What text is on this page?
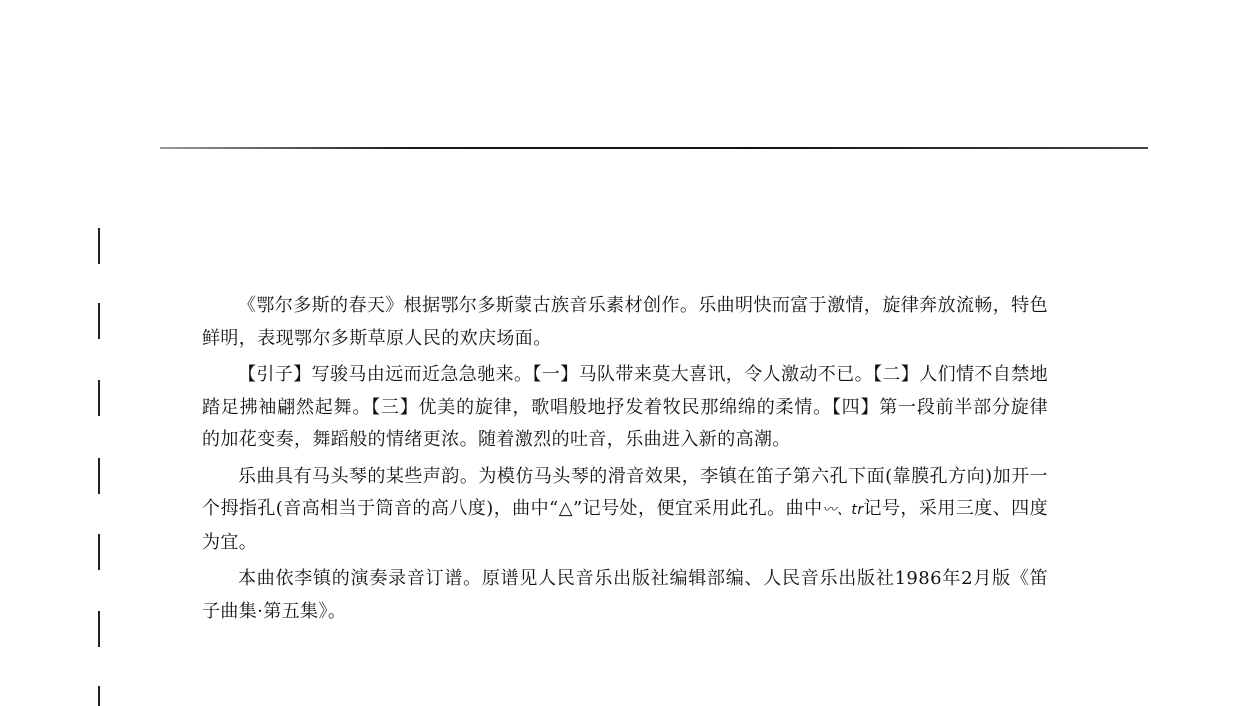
《鄂尔多斯的春天》根据鄂尔多斯蒙古族音乐素材创作。乐曲明快而富于激情，旋律奔放流畅，特色鲜明，表现鄂尔多斯草原人民的欢庆场面。

【引子】写骏马由远而近急急驰来。【一】马队带来莫大喜讯，令人激动不已。【二】人们情不自禁地踏足拂袖翩然起舞。【三】优美的旋律，歌唱般地抒发着牧民那绵绵的柔情。【四】第一段前半部分旋律的加花变奏，舞蹈般的情绪更浓。随着激烈的吐音，乐曲进入新的高潮。

乐曲具有马头琴的某些声韵。为模仿马头琴的滑音效果，李镇在笛子第六孔下面(靠膜孔方向)加开一个拇指孔(音高相当于筒音的高八度)，曲中“△”记号处，便宜采用此孔。曲中〰、tr记号，采用三度、四度为宜。

本曲依李镇的演奏录音订谱。原谱见人民音乐出版社编辑部编、人民音乐出版社1986年2月版《笛子曲集·第五集》。
